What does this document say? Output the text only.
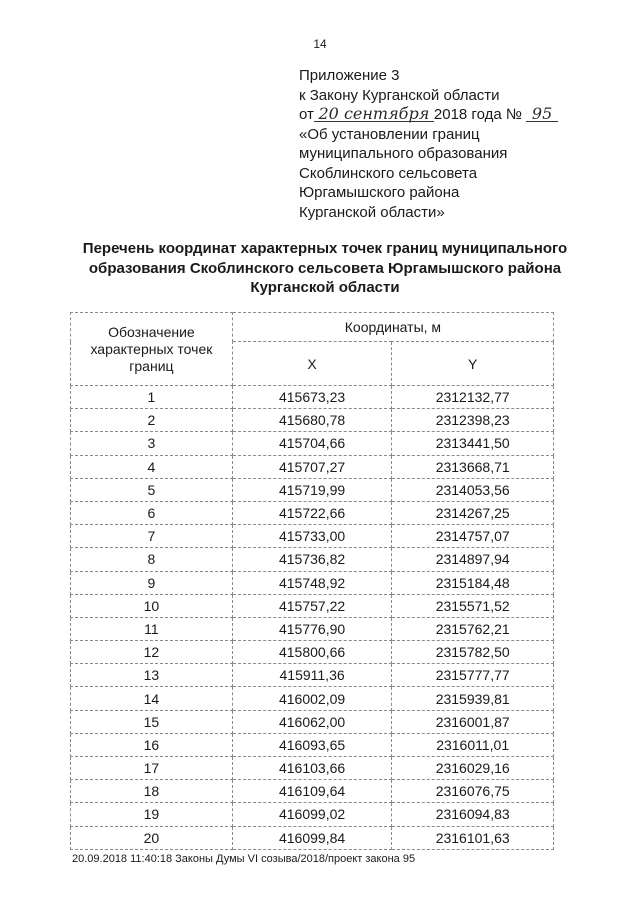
14
Приложение 3
к Закону Курганской области
от 20 сентября 2018 года № 95
«Об установлении границ
муниципального образования
Скоблинского сельсовета
Юргамышского района
Курганской области»
Перечень координат характерных точек границ муниципального образования Скоблинского сельсовета Юргамышского района Курганской области
Обозначение характерных точек границ	Координаты, м	
	X	Y
1	415673,23	2312132,77
2	415680,78	2312398,23
3	415704,66	2313441,50
4	415707,27	2313668,71
5	415719,99	2314053,56
6	415722,66	2314267,25
7	415733,00	2314757,07
8	415736,82	2314897,94
9	415748,92	2315184,48
10	415757,22	2315571,52
11	415776,90	2315762,21
12	415800,66	2315782,50
13	415911,36	2315777,77
14	416002,09	2315939,81
15	416062,00	2316001,87
16	416093,65	2316011,01
17	416103,66	2316029,16
18	416109,64	2316076,75
19	416099,02	2316094,83
20	416099,84	2316101,63
20.09.2018 11:40:18 Законы Думы VI созыва/2018/проект закона 95
